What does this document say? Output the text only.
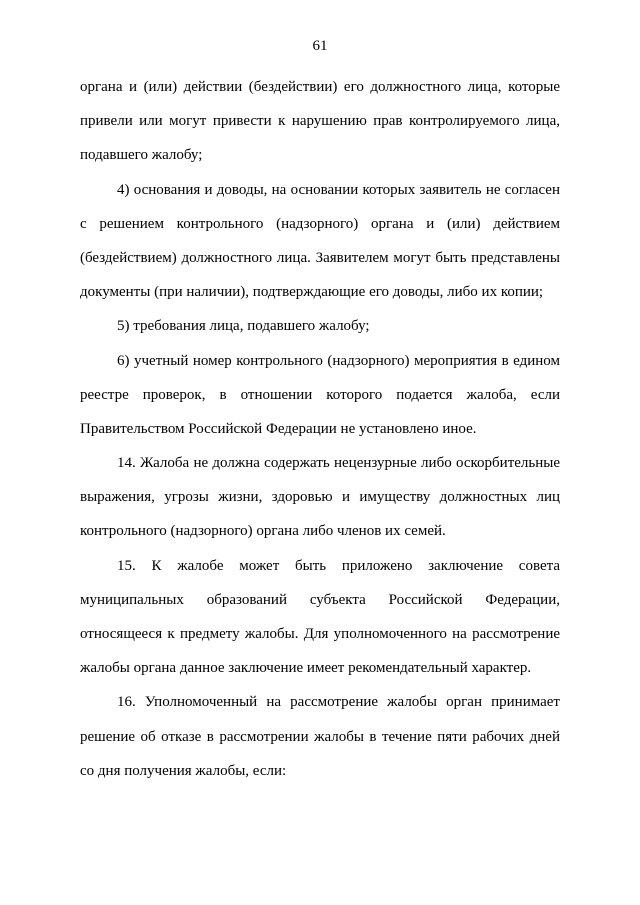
61
органа и (или) действии (бездействии) его должностного лица, которые
привели или могут привести к нарушению прав контролируемого лица,
подавшего жалобу;
4) основания и доводы, на основании которых заявитель не согласен
с решением контрольного (надзорного) органа и (или) действием
(бездействием) должностного лица. Заявителем могут быть представлены
документы (при наличии), подтверждающие его доводы, либо их копии;
5) требования лица, подавшего жалобу;
6) учетный номер контрольного (надзорного) мероприятия в едином
реестре проверок, в отношении которого подается жалоба, если
Правительством Российской Федерации не установлено иное.
14. Жалоба не должна содержать нецензурные либо оскорбительные
выражения, угрозы жизни, здоровью и имуществу должностных лиц
контрольного (надзорного) органа либо членов их семей.
15. К жалобе может быть приложено заключение совета
муниципальных образований субъекта Российской Федерации,
относящееся к предмету жалобы. Для уполномоченного на рассмотрение
жалобы органа данное заключение имеет рекомендательный характер.
16. Уполномоченный на рассмотрение жалобы орган принимает
решение об отказе в рассмотрении жалобы в течение пяти рабочих дней
со дня получения жалобы, если:
